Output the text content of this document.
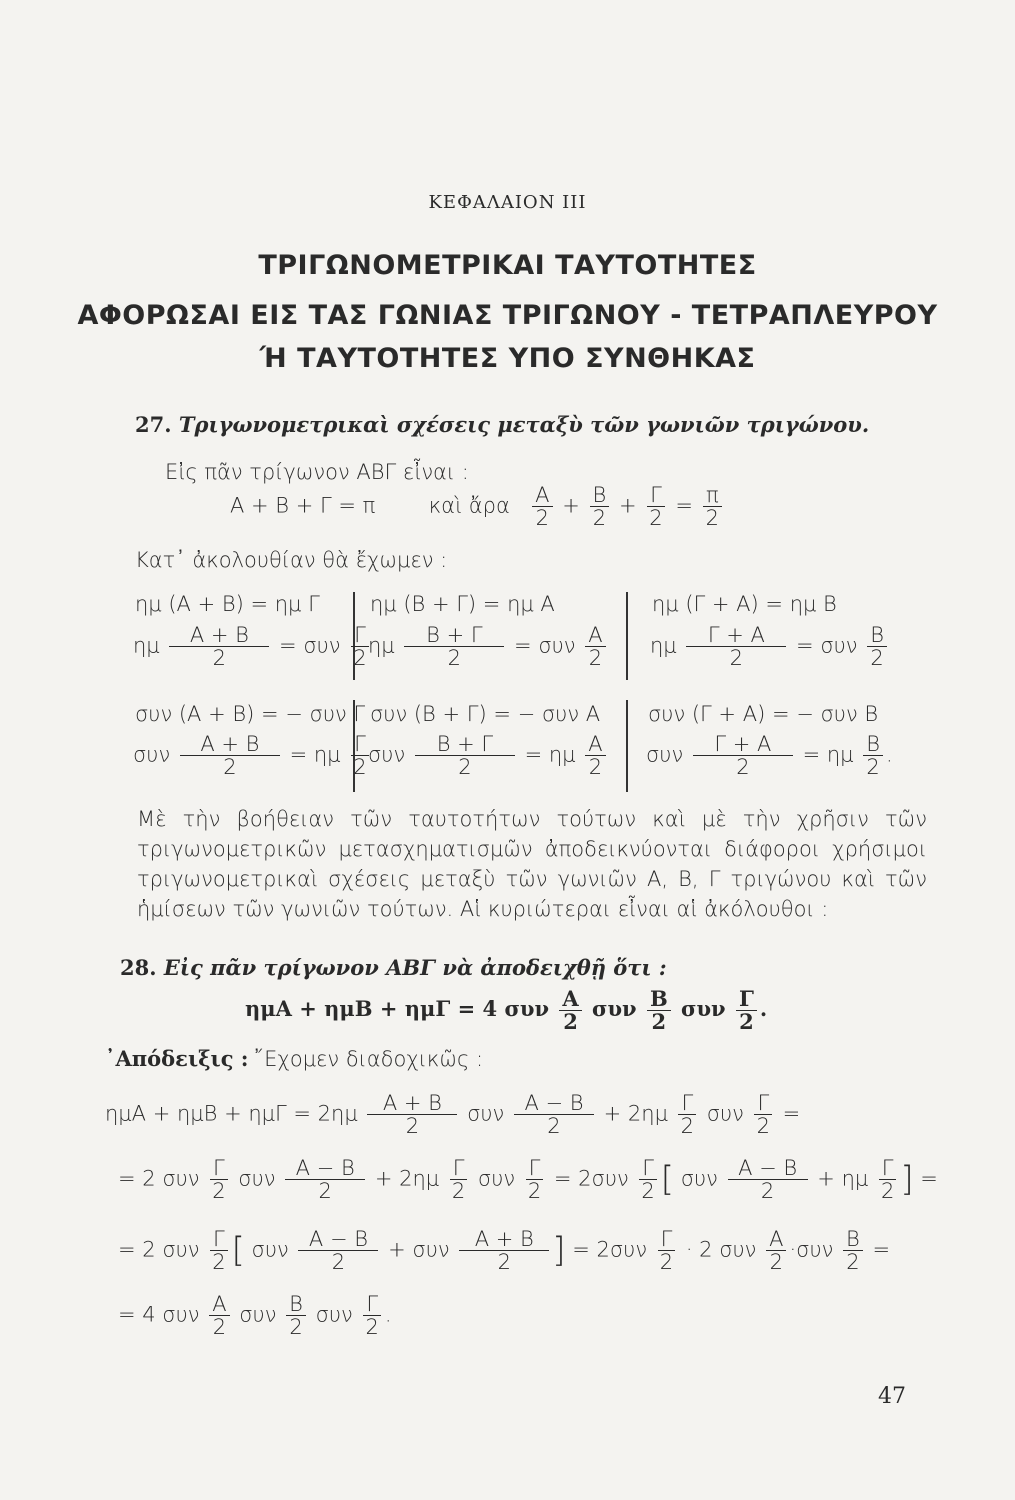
ΚΕΦΑΛΑΙΟΝ III
ΤΡΙΓΩΝΟΜΕΤΡΙΚΑΙ ΤΑΥΤΟΤΗΤΕΣ
ΑΦΟΡΩΣΑΙ ΕΙΣ ΤΑΣ ΓΩΝΙΑΣ ΤΡΙΓΩΝΟΥ - ΤΕΤΡΑΠΛΕΥΡΟΥ
Ή ΤΑΥΤΟΤΗΤΕΣ ΥΠΟ ΣΥΝΘΗΚΑΣ
27. Τριγωνομετρικαὶ σχέσεις μεταξὺ τῶν γωνιῶν τριγώνου.
Εἰς πᾶν τρίγωνον ΑΒΓ εἶναι :
Α + Β + Γ = π	καὶ ἄρα $\frac{A}{2} + \frac{B}{2} + \frac{\Gamma}{2} = \frac{\pi}{2}$
Κατ᾽ ἀκολουθίαν θὰ ἔχωμεν :
ημ (Α + Β) = ημ Γ ημ (Β + Γ) = ημ Α	ημ (Γ + Α) = ημ Β
ημ $\frac{A + B}{2} = \sigma\upsilon\nu \frac{\Gamma}{2}$
ημ $\frac{B + \Gamma}{2} = \sigma\upsilon\nu \frac{A}{2}$ ημ $\frac{\Gamma + A}{2} = \sigma\upsilon\nu \frac{B}{2}$
συν (Α + Β) = − συν Γ συν (Β + Γ) = − συν Α συν (Γ + Α) = − συν Β
συν $\frac{A + B}{2} = \eta\mu \frac{\Gamma}{2}$
συν $\frac{B + \Gamma}{2} = \eta\mu \frac{A}{2}$ συν $\frac{\Gamma + A}{2} = \eta\mu \frac{B}{2}$ .
Μὲ τὴν βοήθειαν τῶν ταυτοτήτων τούτων καὶ μὲ τὴν χρῆσιν τῶν τριγωνομετρικῶν μετασχηματισμῶν ἀποδεικνύονται διάφοροι χρήσιμοι τριγωνομετρικαὶ σχέσεις μεταξὺ τῶν γωνιῶν Α, Β, Γ τριγώνου καὶ τῶν ἡμίσεων τῶν γωνιῶν τούτων. Αἱ κυριώτεραι εἶναι αἱ ἀκόλουθοι :
28. Εἰς πᾶν τρίγωνον ΑΒΓ νὰ ἀποδειχθῇ ὅτι :
ημΑ + ημΒ + ημΓ = 4 συν $\frac{A}{2}$ συν $\frac{B}{2}$ συν $\frac{\Gamma}{2}$ .
᾽Απόδειξις : ῎Εχομεν διαδοχικῶς :
$\eta\mu A + \eta\mu B + \eta\mu\Gamma = 2\eta\mu \frac{A + B}{2}$ συν $\frac{A - B}{2} + 2\eta\mu \frac{\Gamma}{2}$ συν $\frac{\Gamma}{2}$ =
= 2 συν $\frac{\Gamma}{2}$ συν $\frac{A - B}{2} + 2\eta\mu \frac{\Gamma}{2}$ συν $\frac{\Gamma}{2} = 2\sigma\upsilon\nu \frac{\Gamma}{2}$ [ συν $\frac{A - B}{2} + \eta\mu \frac{\Gamma}{2}$ ] =
= 2 συν $\frac{\Gamma}{2}$ [ συν $\frac{A - B}{2} + \sigma\upsilon\nu \frac{A + B}{2}$ ] = $2\sigma\upsilon\nu \frac{\Gamma}{2} \cdot 2$ συν $\frac{A}{2} \cdot\sigma\upsilon\nu \frac{B}{2}$ =
= 4 συν $\frac{A}{2}$ συν $\frac{B}{2}$ συν $\frac{\Gamma}{2}$ .
47
